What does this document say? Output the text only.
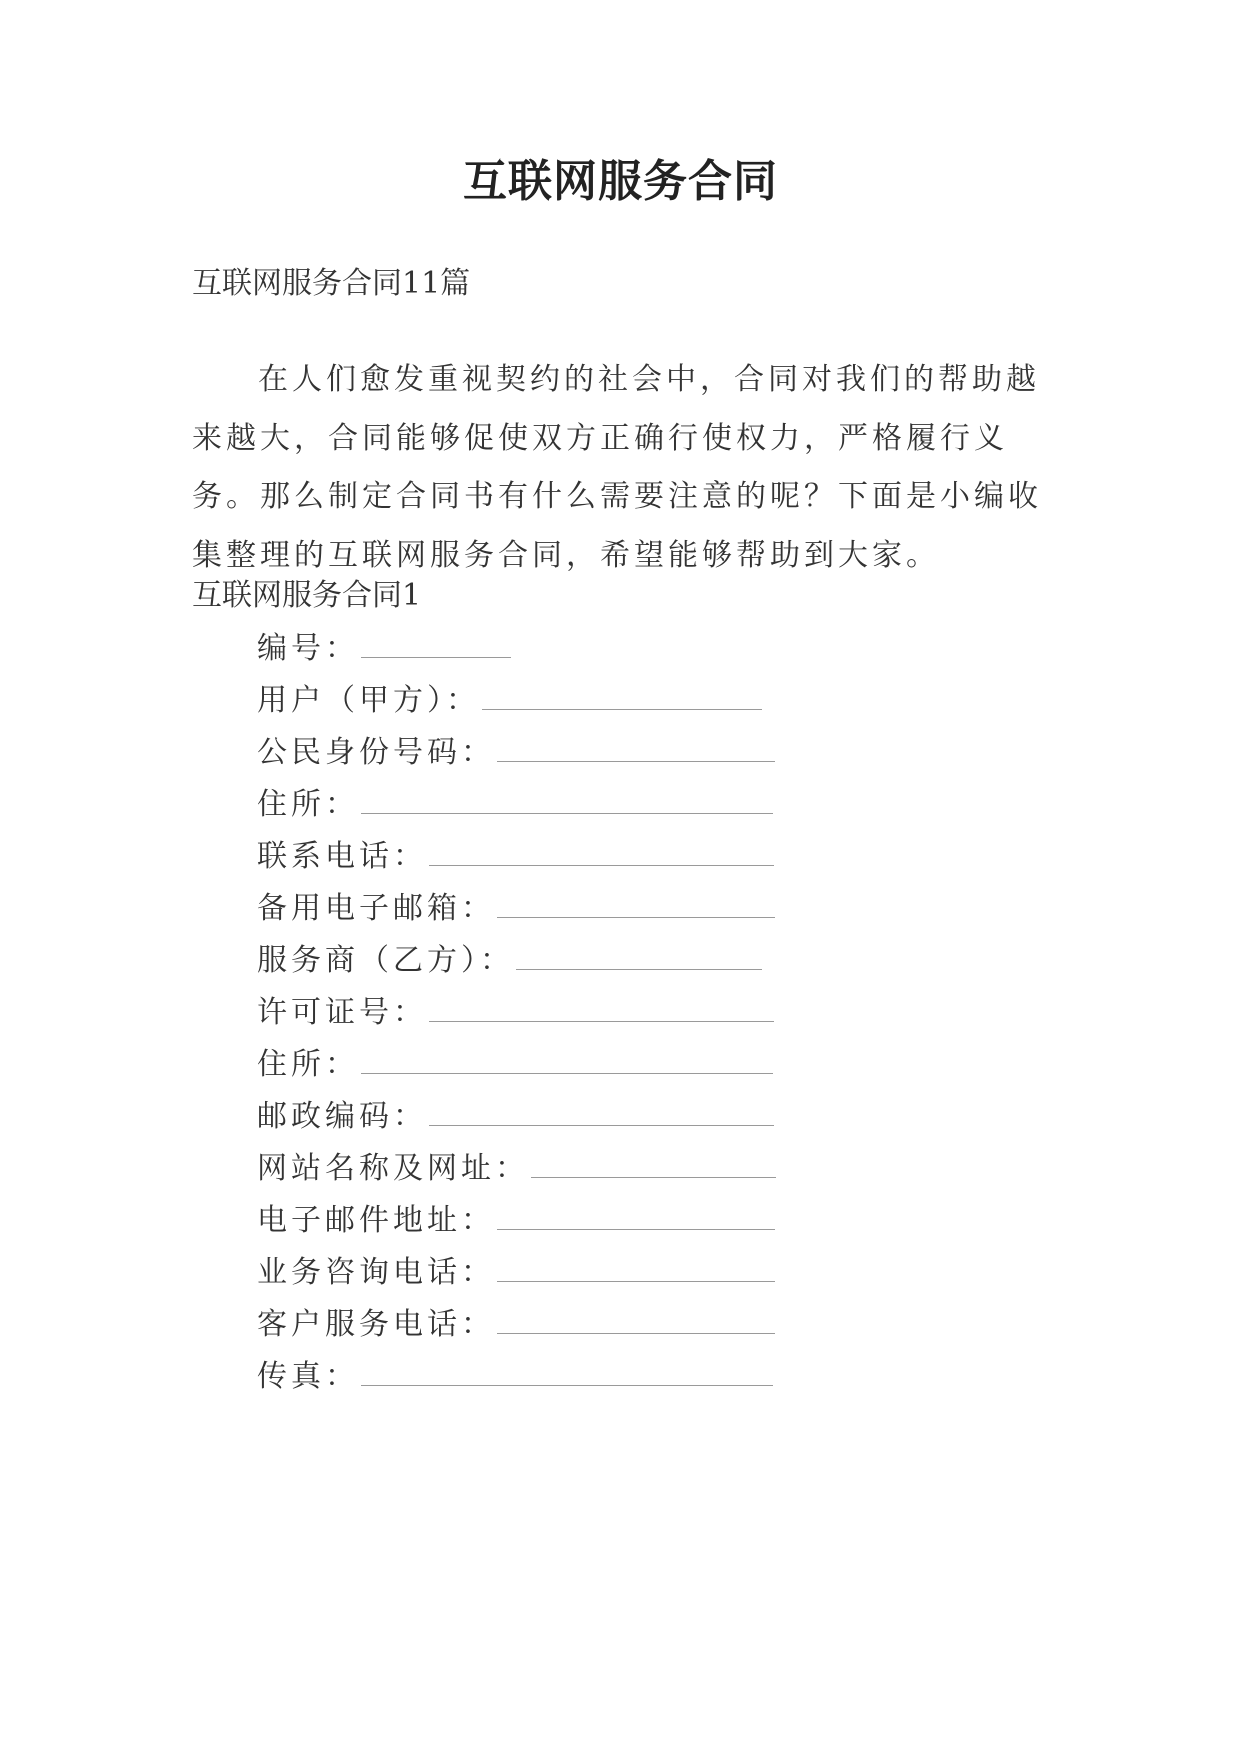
互联网服务合同
互联网服务合同11篇
在人们愈发重视契约的社会中，合同对我们的帮助越来越大，合同能够促使双方正确行使权力，严格履行义务。那么制定合同书有什么需要注意的呢？下面是小编收集整理的互联网服务合同，希望能够帮助到大家。
互联网服务合同1
编号：
用户（甲方）：
公民身份号码：
住所：
联系电话：
备用电子邮箱：
服务商（乙方）：
许可证号：
住所：
邮政编码：
网站名称及网址：
电子邮件地址：
业务咨询电话：
客户服务电话：
传真：
